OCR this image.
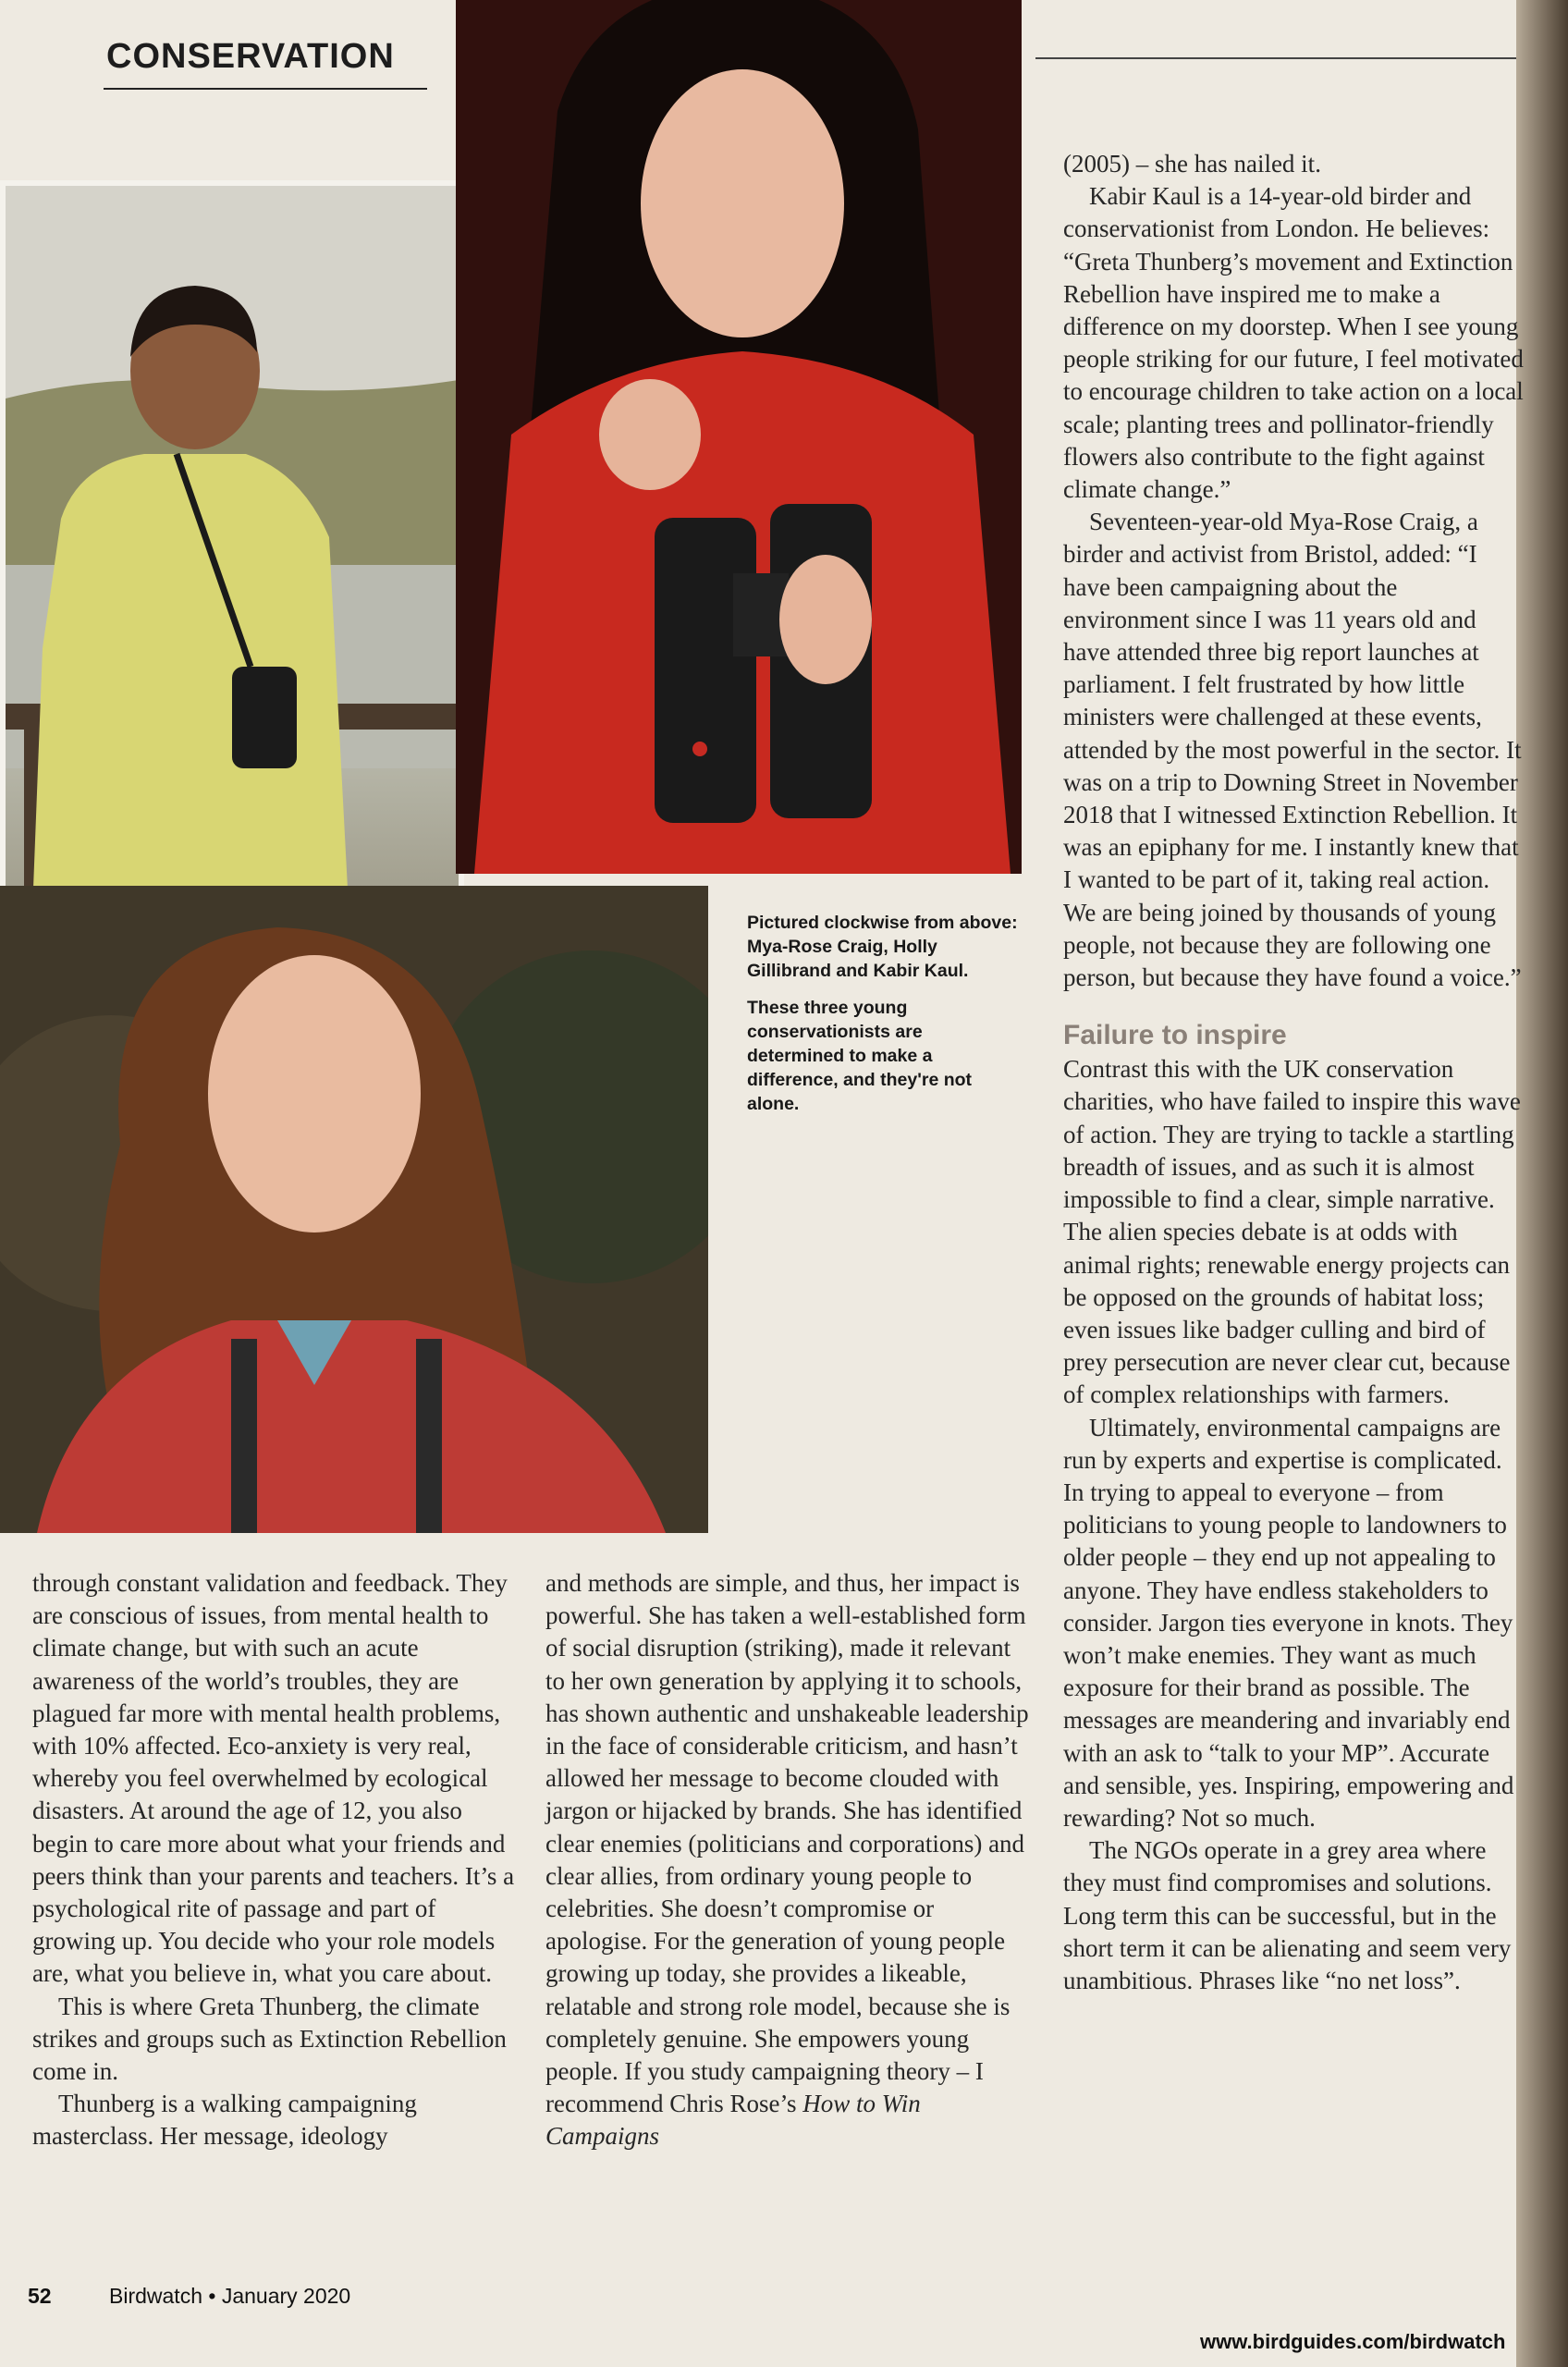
CONSERVATION

Pictured clockwise from above: Mya-Rose Craig, Holly Gillibrand and Kabir Kaul.

These three young conservationists are determined to make a difference, and they're not alone.

(2005) – she has nailed it.

Kabir Kaul is a 14-year-old birder and conservationist from London. He believes: “Greta Thunberg’s movement and Extinction Rebellion have inspired me to make a difference on my doorstep. When I see young people striking for our future, I feel motivated to encourage children to take action on a local scale; planting trees and pollinator-friendly flowers also contribute to the fight against climate change.”

Seventeen-year-old Mya-Rose Craig, a birder and activist from Bristol, added: “I have been campaigning about the environment since I was 11 years old and have attended three big report launches at parliament. I felt frustrated by how little ministers were challenged at these events, attended by the most powerful in the sector. It was on a trip to Downing Street in November 2018 that I witnessed Extinction Rebellion. It was an epiphany for me. I instantly knew that I wanted to be part of it, taking real action. We are being joined by thousands of young people, not because they are following one person, but because they have found a voice.”

Failure to inspire

Contrast this with the UK conservation charities, who have failed to inspire this wave of action. They are trying to tackle a startling breadth of issues, and as such it is almost impossible to find a clear, simple narrative. The alien species debate is at odds with animal rights; renewable energy projects can be opposed on the grounds of habitat loss; even issues like badger culling and bird of prey persecution are never clear cut, because of complex relationships with farmers.

Ultimately, environmental campaigns are run by experts and expertise is complicated. In trying to appeal to everyone – from politicians to young people to landowners to older people – they end up not appealing to anyone. They have endless stakeholders to consider. Jargon ties everyone in knots. They won’t make enemies. They want as much exposure for their brand as possible. The messages are meandering and invariably end with an ask to “talk to your MP”. Accurate and sensible, yes. Inspiring, empowering and rewarding? Not so much.

The NGOs operate in a grey area where they must find compromises and solutions. Long term this can be successful, but in the short term it can be alienating and seem very unambitious. Phrases like “no net loss”.

through constant validation and feedback. They are conscious of issues, from mental health to climate change, but with such an acute awareness of the world’s troubles, they are plagued far more with mental health problems, with 10% affected. Eco-anxiety is very real, whereby you feel overwhelmed by ecological disasters. At around the age of 12, you also begin to care more about what your friends and peers think than your parents and teachers. It’s a psychological rite of passage and part of growing up. You decide who your role models are, what you believe in, what you care about.

This is where Greta Thunberg, the climate strikes and groups such as Extinction Rebellion come in.

Thunberg is a walking campaigning masterclass. Her message, ideology

and methods are simple, and thus, her impact is powerful. She has taken a well-established form of social disruption (striking), made it relevant to her own generation by applying it to schools, has shown authentic and unshakeable leadership in the face of considerable criticism, and hasn’t allowed her message to become clouded with jargon or hijacked by brands. She has identified clear enemies (politicians and corporations) and clear allies, from ordinary young people to celebrities. She doesn’t compromise or apologise. For the generation of young people growing up today, she provides a likeable, relatable and strong role model, because she is completely genuine. She empowers young people. If you study campaigning theory – I recommend Chris Rose’s How to Win Campaigns

52	Birdwatch • January 2020
www.birdguides.com/birdwatch
